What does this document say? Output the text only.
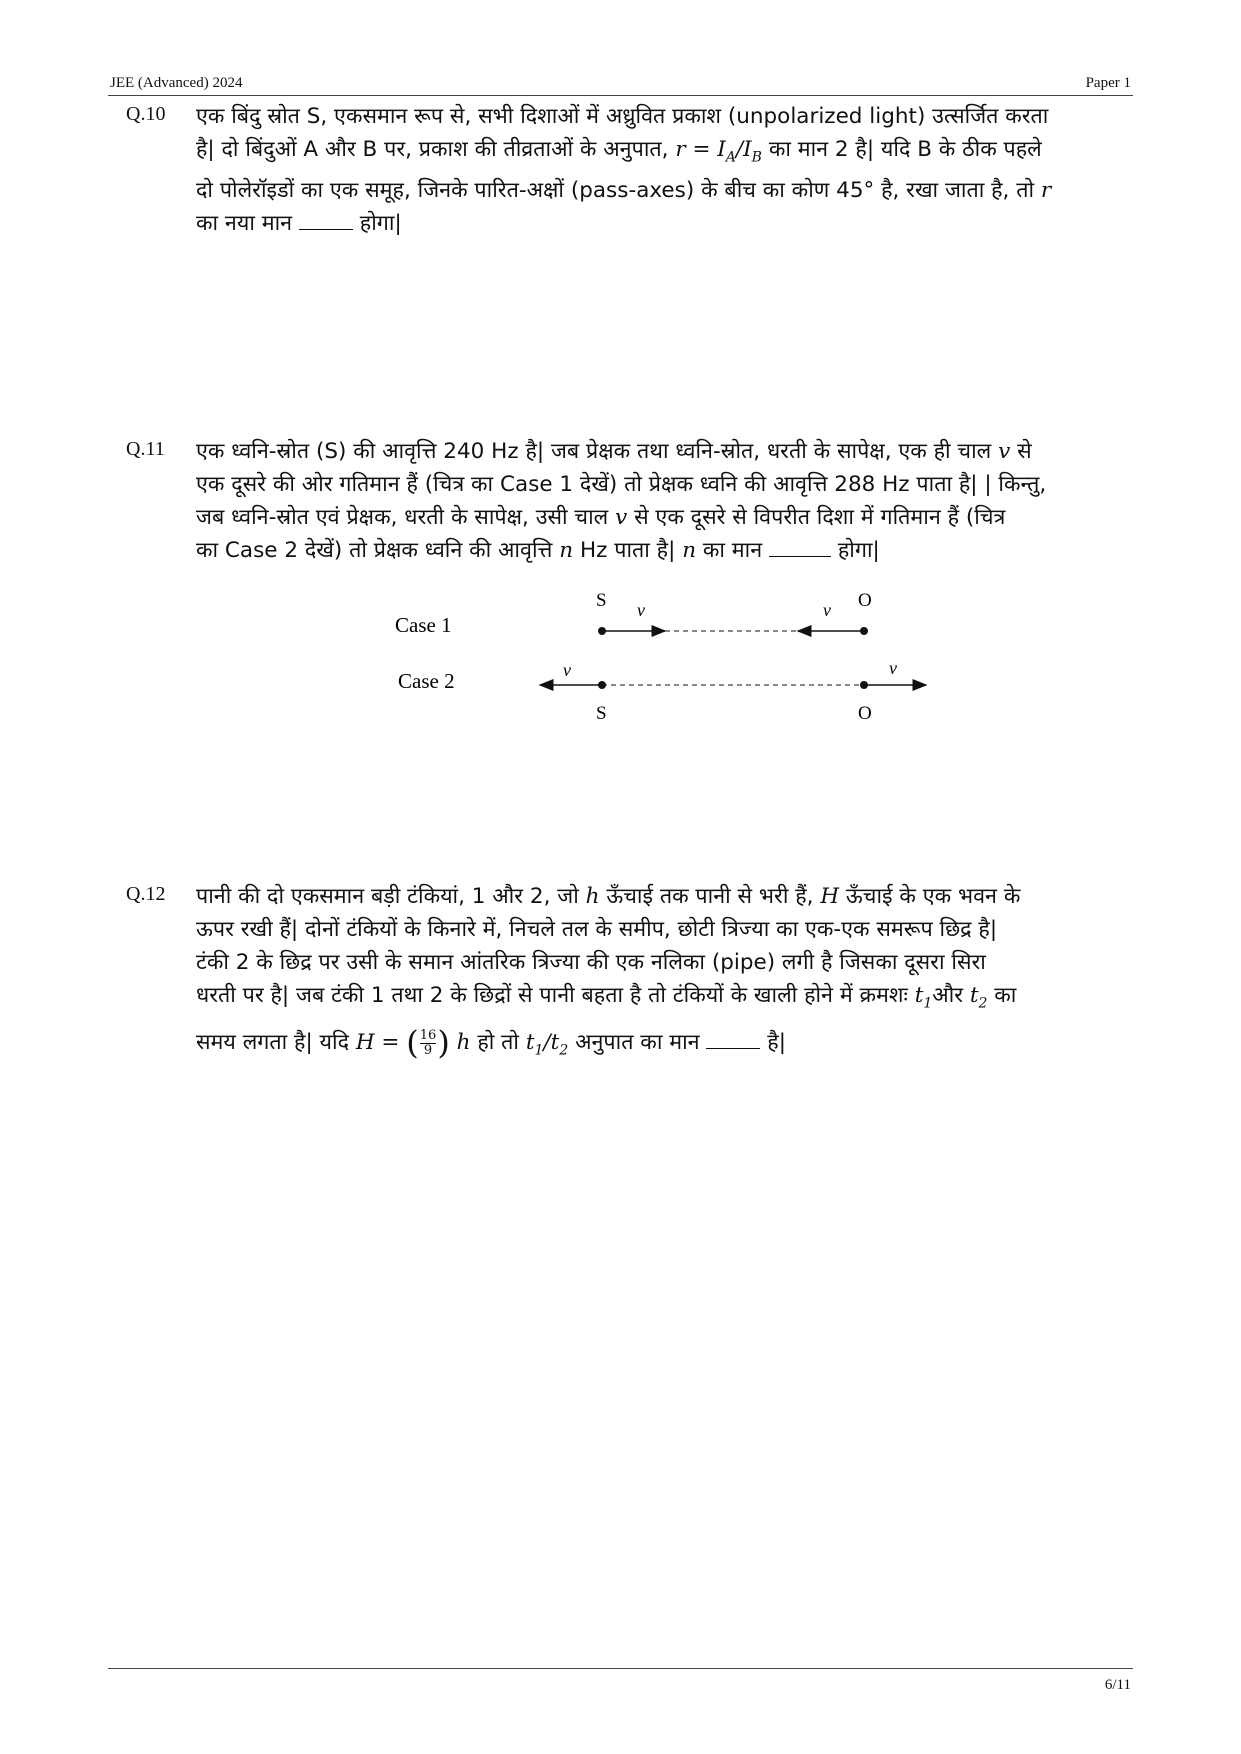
JEE (Advanced) 2024	Paper 1
Q.10 एक बिंदु स्रोत S, एकसमान रूप से, सभी दिशाओं में अध्रुवित प्रकाश (unpolarized light) उत्सर्जित करता
है| दो बिंदुओं A और B पर, प्रकाश की तीव्रताओं के अनुपात, $r = I_A/I_B$ का मान 2 है| यदि B के ठीक पहले
दो पोलेरॉइडों का एक समूह, जिनके पारित-अक्षों (pass-axes) के बीच का कोण 45° है, रखा जाता है, तो r
का नया मान	होगा|
Q.11 एक ध्वनि-स्रोत (S) की आवृत्ति 240 Hz है| जब प्रेक्षक तथा ध्वनि-स्रोत, धरती के सापेक्ष, एक ही चाल v से
एक दूसरे की ओर गतिमान हैं (चित्र का Case 1 देखें) तो प्रेक्षक ध्वनि की आवृत्ति 288 Hz पाता है| | किन्तु,
जब ध्वनि-स्रोत एवं प्रेक्षक, धरती के सापेक्ष, उसी चाल v से एक दूसरे से विपरीत दिशा में गतिमान हैं (चित्र
का Case 2 देखें) तो प्रेक्षक ध्वनि की आवृत्ति n Hz पाता है| n का मान	होगा|
Case 1
Case 2
S	O
v	v
v	v
S	O
Q.12 पानी की दो एकसमान बड़ी टंकियां, 1 और 2, जो h ऊँचाई तक पानी से भरी हैं, H ऊँचाई के एक भवन के
ऊपर रखी हैं| दोनों टंकियों के किनारे में, निचले तल के समीप, छोटी त्रिज्या का एक-एक समरूप छिद्र है|
टंकी 2 के छिद्र पर उसी के समान आंतरिक त्रिज्या की एक नलिका (pipe) लगी है जिसका दूसरा सिरा
धरती पर है| जब टंकी 1 तथा 2 के छिद्रों से पानी बहता है तो टंकियों के खाली होने में क्रमशः $t_1और$ $t_2$ का
समय लगता है| यदि H = ( $\frac{16}{9}$ ) h हो तो $t_1/t_2$ अनुपात का मान	है|
6/11
